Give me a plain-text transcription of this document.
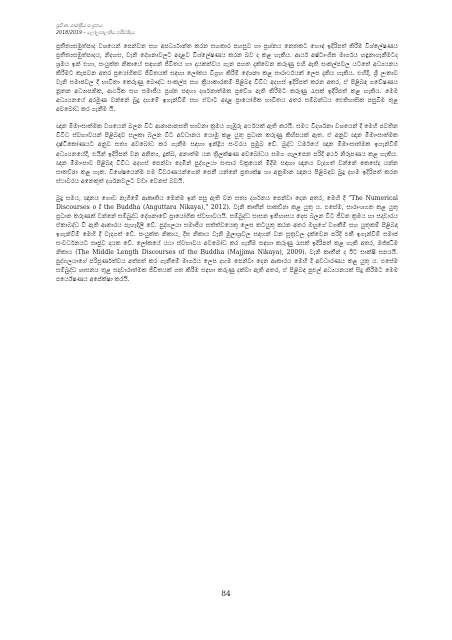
ප්‍රවීණ ශාස්ත්‍රීය සංග්‍රහය
2018/2019 - ලෝලුපාලනිය පරිච්ඡිදය

ප්‍රතීත්‍යසමුත්පාද වශයෙන් පෙන්වන සහ අපර්ධ්‍යාන්ත කරන සහකාර පහසුව හා ප්‍රශ්නය නෙතකට හොඳ ඉදිරිපත් කිරීම විශ්ලේෂණය ප්‍රතීත්‍යසමුත්පාදය, නිදහස, වැනි දේශනාවලට අදාළව විශ්ලේෂණය කරන බව ද කළ හැකිය. ආර්ය අෂ්ටාංගික මාර්ගය හඳුනාගැනීමටද ශ්‍රමය ඉන් එහා, සංයුක්ත නිකායේ සඳහන් ජීවිතය හා දායකත්වය ගැන පහත දැක්වෙන කරුණු එහි ඇති සංකල්පවල යටතේ අධ්‍යයනය කිරීමට කැපවන අතර ප්‍රයෝගිකව ජීවිතයක් සඳහා ලෝකය විග්‍රහ කිරීම් දේශනා කළ සාරාර්ථයක් ලෙස දැකිය හැකිය. එහිදී, ශ්‍රී ලංකාව වැනි සමාජවල දී භාවිතා කෙරුණු බෞද්ධ සංකල්ප සහ ක්‍රියාකාරකම් පිළිබඳ විවිධ අදහස් ඉදිරිපත් කරන අතර, ඒ පිළිබඳ ගවේෂණය නූතන අධ්‍යාපනික, ආර්ථික සහ සමාජීය ප්‍රශ්න සඳහා දර්ශනාත්මක ප්‍රවේශ ඇති කිරීමට කරුණු රැසක් ඉදිරිපත් කළ හැකිය. මෙම අධ්‍යයනයේ අරමුණ වන්නේ බුදු දහමේ ඉගැන්වීම් සහ ඒවාට අදාළ ප්‍රායෝගික භාවිතය අතර සම්බන්ධය ඓතිහාසික පසුබිම තුළ අවබෝධ කර ගැනීම යි.

ඥාන මීමාංසාත්මක වශයෙන් බලන විට ආනාපානසති භාවනා ක්‍රමය ගැඹුරු අර්ථයක් ඇති කරයි. සමථ විදර්ශනා වශයෙන් දී මෙහි පවතින විවිධ ස්වභාවයන් පිළිබඳව සලකා බලන විට අවධානය යොමු කළ යුතු ප්‍රධාන කරුණු කිහිපයක් ඇත. ඒ අනුව ඥාන මීමාංසාත්මක දෘෂ්ටිකෝණයට අනුව සත්‍ය අවබෝධ කර ගැනීම සඳහා ඉන්ද්‍රිය සංවරය ප්‍රමුඛ වේ. බුද්ධ ධර්මයේ ඥාන මීමාංසාත්මක ඉගැන්වීම් අධ්‍යයනයේදී, එයින් ඉදිරිපත් වන අනිත්‍ය, දුක්ඛ, අනාත්ම යන ත්‍රිලක්ෂණ අවබෝධය සමග ගැලපෙන පරිදි අර්ථ නිරූපණය කළ හැකිය. ඥාන මීමාංසාව පිළිබඳ විවිධ අදහස් පෙන්වා දෙමින් පුද්ගලයා සංසාර චක්‍රයෙන් මිදීම සඳහා ඥානය වැදගත් වන්නේ කෙසේද යන්න සාකච්ඡා කළ හැක. විශේෂයෙන්ම එම විවරණයන්ගෙන් පෙනී යන්නේ ප්‍රත්‍යක්ෂ හා අනුමාන ඥානය පිළිබඳව බුදු දහම ඉදිරිපත් කරන ස්ථාවරය අනෙකුත් දර්ශනවලට වඩා වෙනස් බවයි.

බුදු සමය, ඥානය ගොඩ නැගීමේ ආකෘතිය මෙන්ම ඉන් පසු ඇති වන සත්‍ය දර්ශනය පෙන්වා දෙන අතර, මෙහි දී "The Numerical Discourses o f the Buddha (Anguttara Nikaya)," 2012). වැනි කෘතීන් සාකච්ඡා කළ යුතු ය. එසේම, සාරාංශගත කළ යුතු ප්‍රධාන කරුණක් වන්නේ සම්බුද්ධ දේශනාවේ ප්‍රායෝගික ස්වභාවයයි. සම්බුද්ධ සාසන ඉතිහාසය දෙස බලන විට ජීවන ක්‍රමය හා සදාචාරය ඒකාබද්ධ වී ඇති ආකාරය පැහැදිලි වේ. පුද්ගලයා සමාජීය සත්ත්වයෙකු ලෙස කටයුතු කරන අතර ඔහුගේ වගකීම් සහ යුතුකම් පිළිබඳ ඉගැන්වීම් මෙහි දී වැදගත් වේ. සංයුක්ත නිකාය, දීඝ නිකාය වැනි මූලාශ්‍රවල සඳහන් වන සූත්‍රවල දැක්වෙන පරිදි එකී ඉගැන්වීම් සමාජ සංවර්ධනයට සෘජුව දායක වේ. ලෝකයේ යථා ස්වභාවය අවබෝධ කර ගැනීම සඳහා කරුණු රැසක් ඉදිරිපත් කළ හැකි අතර, මජ්ඣිම නිකාය (The Middle Length Discourses of the Buddha (Majjima Nikaya), 2009). වැනි කෘතීන් ද ඊට සාක්ෂි සපයයි. පුද්ගලයාගේ පරිපූර්ණත්වය අත්පත් කර ගැනීමේ මාර්ගය ලෙස දහම පෙන්වා දෙන ආකාරය මෙහි දී අවධාරණය කළ යුතු ය. එසේම සම්බුද්ධ ශාසනය තුළ සදාචාරාත්මක ජීවිතයක් ගත කිරීම සඳහා කරුණු දක්වා ඇති අතර, ඒ පිළිබඳ පුළුල් අධ්‍යයනයක් සිදු කිරීමට මෙම පර්යේෂණය අපේක්ෂා කරයි.

84
